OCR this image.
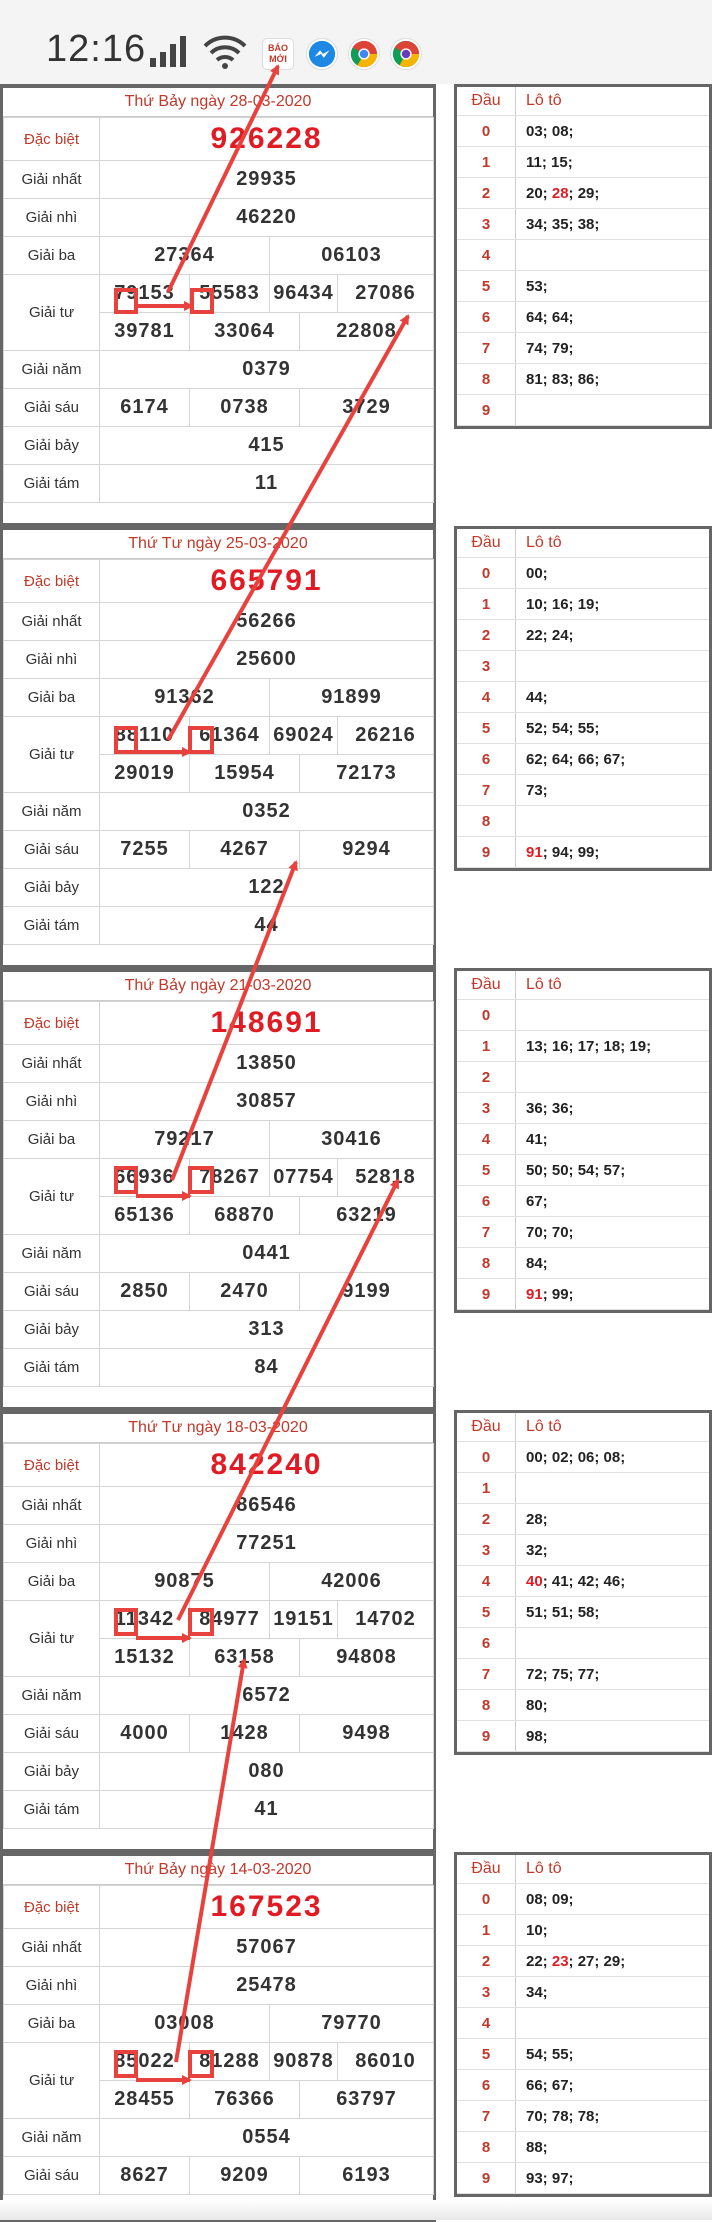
12:16	BÁO MỚI
Thứ Bảy ngày 28-03-2020
Đặc biệt	926228				
Giải nhất	29935				
Giải nhì	46220				
Giải ba	27364		06103		
Giải tư	79153	55583	96434		27086
	39781	33064		22808	
Giải năm	0379				
Giải sáu	6174	0738		3729	
Giải bảy	415				
Giải tám	11				
Thứ Tư ngày 25-03-2020
Đặc biệt	665791				
Giải nhất	56266				
Giải nhì	25600				
Giải ba	91362		91899		
Giải tư	88110	61364	69024		26216
	29019	15954		72173	
Giải năm	0352				
Giải sáu	7255	4267		9294	
Giải bảy	122				
Giải tám	44				
Thứ Bảy ngày 21-03-2020
Đặc biệt	148691				
Giải nhất	13850				
Giải nhì	30857				
Giải ba	79217		30416		
Giải tư	66936	78267	07754		52818
	65136	68870		63219	
Giải năm	0441				
Giải sáu	2850	2470		9199	
Giải bảy	313				
Giải tám	84				
Thứ Tư ngày 18-03-2020
Đặc biệt	842240				
Giải nhất	86546				
Giải nhì	77251				
Giải ba	90875		42006		
Giải tư	11342	84977	19151		14702
	15132	63158		94808	
Giải năm	6572				
Giải sáu	4000	1428		9498	
Giải bảy	080				
Giải tám	41				
Thứ Bảy ngày 14-03-2020
Đặc biệt	167523				
Giải nhất	57067				
Giải nhì	25478				
Giải ba	03008		79770		
Giải tư	85022	81288	90878		86010
	28455	76366		63797	
Giải năm	0554				
Giải sáu	8627	9209		6193	
Đầu	Lô tô
0	03; 08;
1	11; 15;
2	20; 28; 29;
3	34; 35; 38;
4	
5	53;
6	64; 64;
7	74; 79;
8	81; 83; 86;
9	
Đầu	Lô tô
0	00;
1	10; 16; 19;
2	22; 24;
3	
4	44;
5	52; 54; 55;
6	62; 64; 66; 67;
7	73;
8	
9	91; 94; 99;
Đầu	Lô tô
0	
1	13; 16; 17; 18; 19;
2	
3	36; 36;
4	41;
5	50; 50; 54; 57;
6	67;
7	70; 70;
8	84;
9	91; 99;
Đầu	Lô tô
0	00; 02; 06; 08;
1	
2	28;
3	32;
4	40; 41; 42; 46;
5	51; 51; 58;
6	
7	72; 75; 77;
8	80;
9	98;
Đầu	Lô tô
0	08; 09;
1	10;
2	22; 23; 27; 29;
3	34;
4	
5	54; 55;
6	66; 67;
7	70; 78; 78;
8	88;
9	93; 97;
